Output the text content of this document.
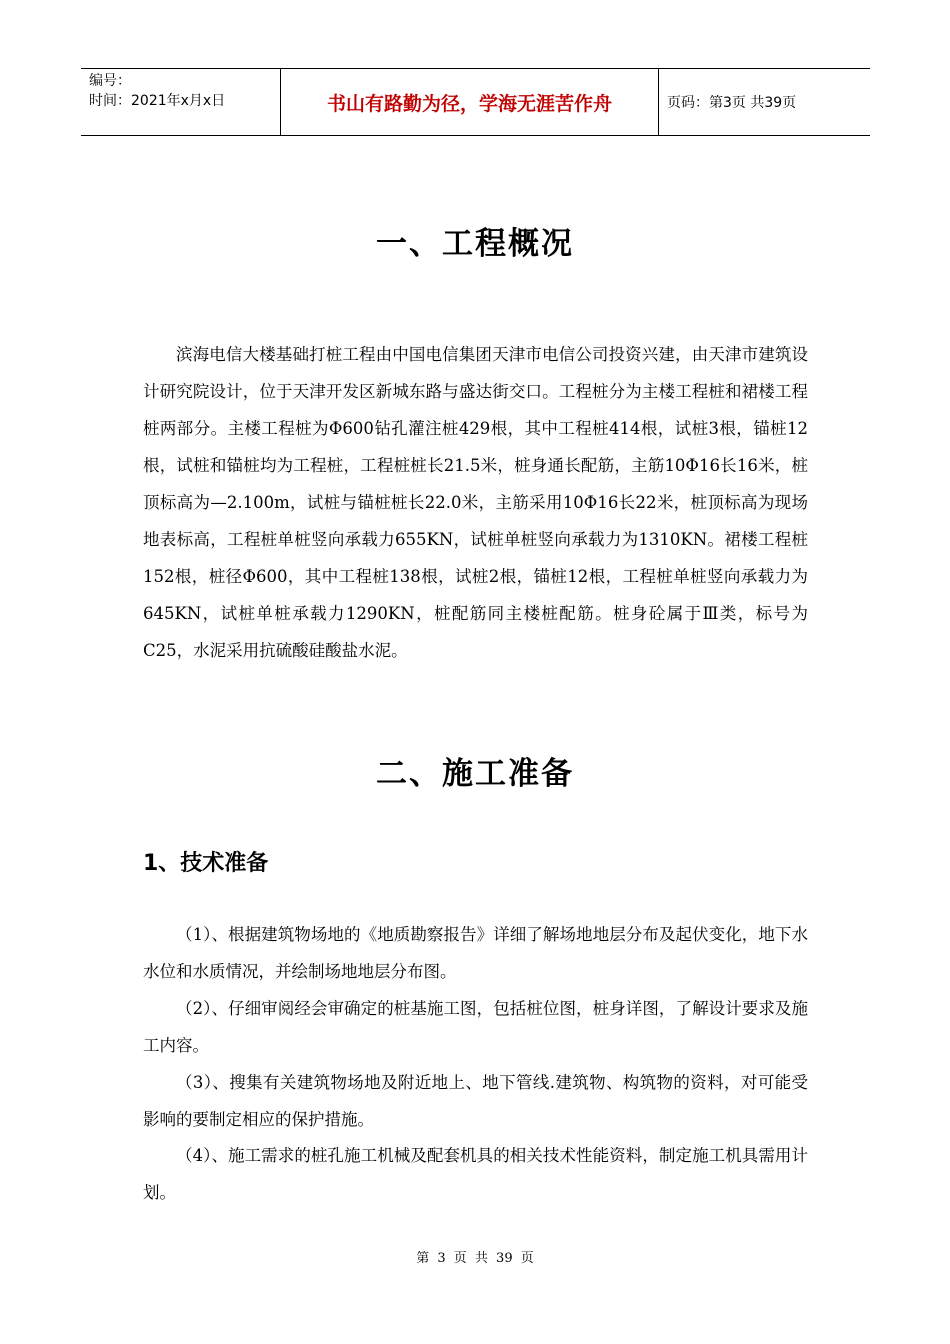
编号：
时间：2021年x月x日	书山有路勤为径，学海无涯苦作舟	页码：第3页 共39页
一、工程概况

滨海电信大楼基础打桩工程由中国电信集团天津市电信公司投资兴建，由天津市建筑设计研究院设计，位于天津开发区新城东路与盛达街交口。工程桩分为主楼工程桩和裙楼工程桩两部分。主楼工程桩为Φ600钻孔灌注桩429根，其中工程桩414根，试桩3根，锚桩12根，试桩和锚桩均为工程桩，工程桩桩长21.5米，桩身通长配筋，主筋10Φ16长16米，桩顶标高为—2.100m，试桩与锚桩桩长22.0米，主筋采用10Φ16长22米，桩顶标高为现场地表标高，工程桩单桩竖向承载力655KN，试桩单桩竖向承载力为1310KN。裙楼工程桩152根，桩径Φ600，其中工程桩138根，试桩2根，锚桩12根，工程桩单桩竖向承载力为645KN，试桩单桩承载力1290KN，桩配筋同主楼桩配筋。桩身砼属于Ⅲ类，标号为C25，水泥采用抗硫酸硅酸盐水泥。

二、施工准备
1、技术准备

（1）、根据建筑物场地的《地质勘察报告》详细了解场地地层分布及起伏变化，地下水水位和水质情况，并绘制场地地层分布图。

（2）、仔细审阅经会审确定的桩基施工图，包括桩位图，桩身详图，了解设计要求及施工内容。

（3）、搜集有关建筑物场地及附近地上、地下管线.建筑物、构筑物的资料，对可能受影响的要制定相应的保护措施。

（4）、施工需求的桩孔施工机械及配套机具的相关技术性能资料，制定施工机具需用计划。

第 3 页 共 39 页
